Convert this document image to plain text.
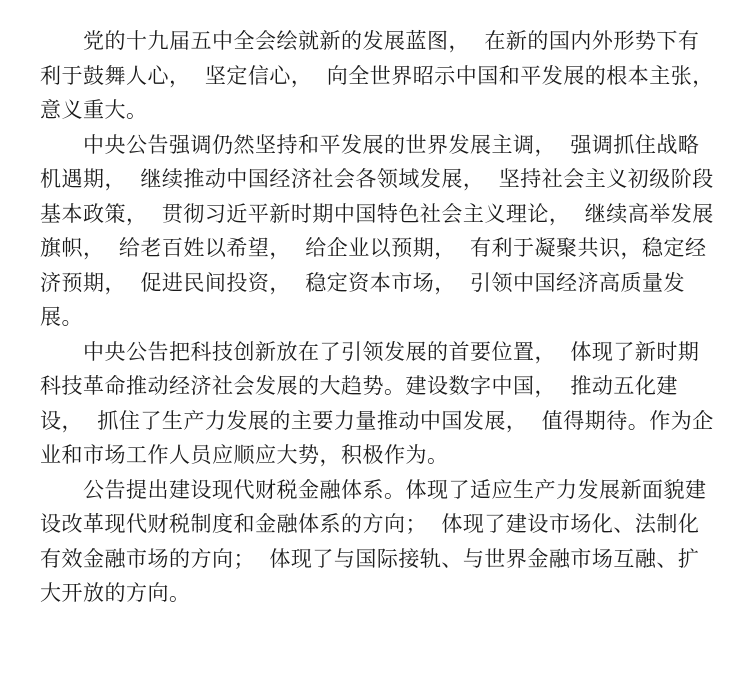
党的十九届五中全会绘就新的发展蓝图，  在新的国内外形势下有利于鼓舞人心，  坚定信心，  向全世界昭示中国和平发展的根本主张，意义重大。

中央公告强调仍然坚持和平发展的世界发展主调，  强调抓住战略机遇期，  继续推动中国经济社会各领域发展，  坚持社会主义初级阶段基本政策，  贯彻习近平新时期中国特色社会主义理论，  继续高举发展旗帜，  给老百姓以希望，  给企业以预期，  有利于凝聚共识，稳定经济预期，  促进民间投资，  稳定资本市场，  引领中国经济高质量发展。

中央公告把科技创新放在了引领发展的首要位置，  体现了新时期科技革命推动经济社会发展的大趋势。建设数字中国，  推动五化建设，  抓住了生产力发展的主要力量推动中国发展，  值得期待。作为企业和市场工作人员应顺应大势，积极作为。

公告提出建设现代财税金融体系。体现了适应生产力发展新面貌建设改革现代财税制度和金融体系的方向；  体现了建设市场化、法制化有效金融市场的方向；  体现了与国际接轨、与世界金融市场互融、扩大开放的方向。
